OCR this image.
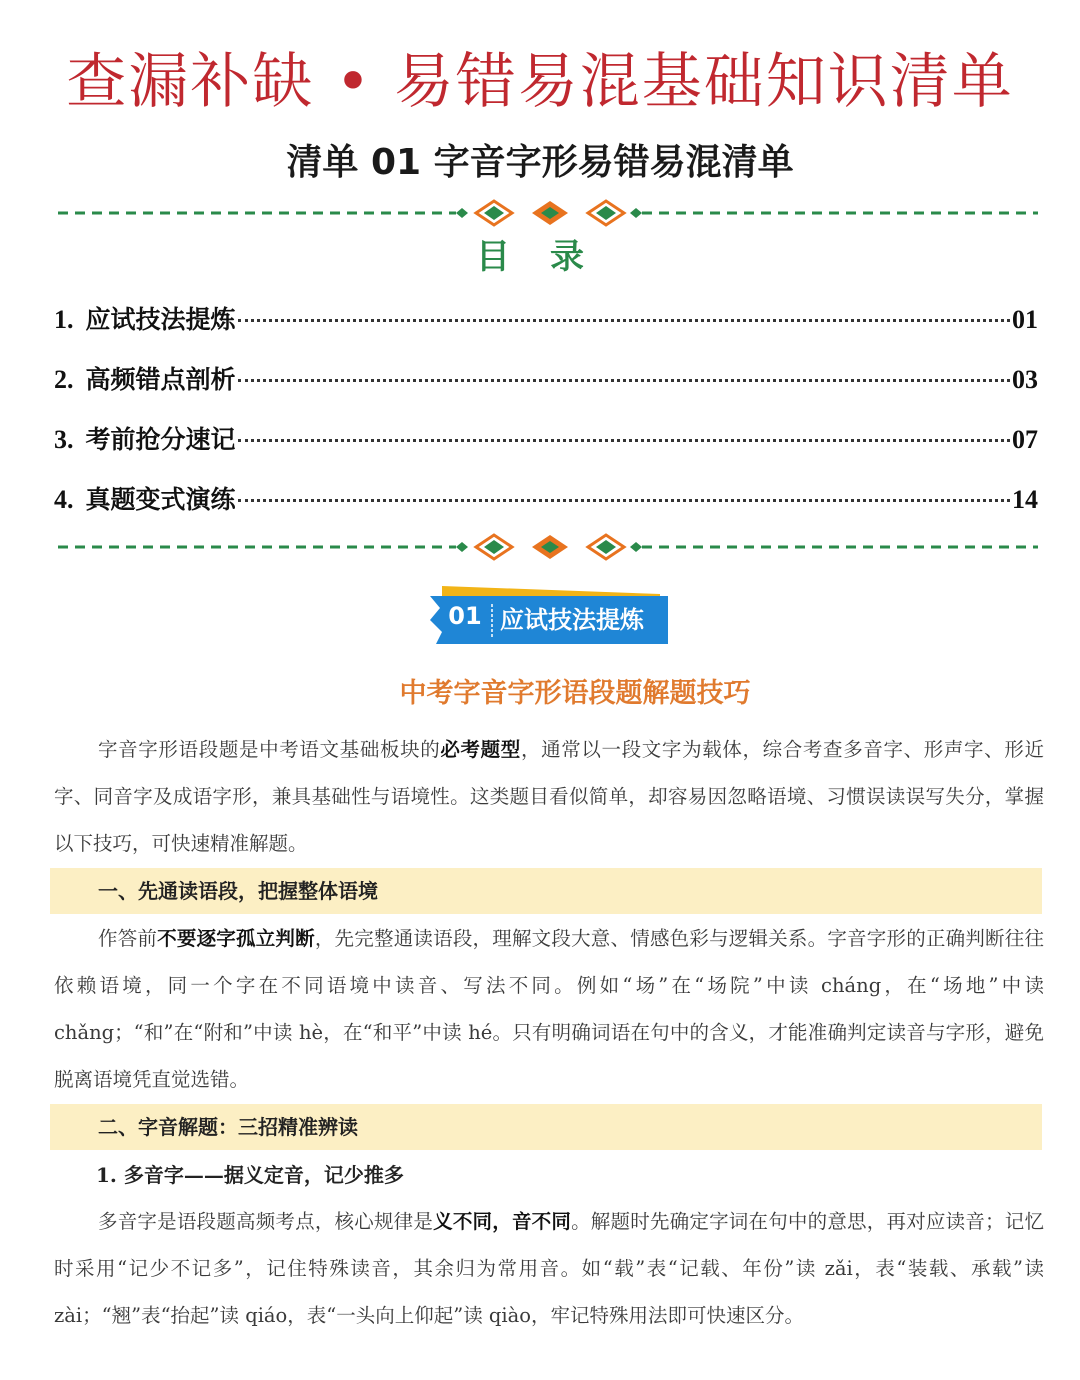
查漏补缺 • 易错易混基础知识清单
清单 01 字音字形易错易混清单
目录
1. 应试技法提炼	01
2. 高频错点剖析	03
3. 考前抢分速记	07
4. 真题变式演练	14
01 应试技法提炼
中考字音字形语段题解题技巧
字音字形语段题是中考语文基础板块的必考题型，通常以一段文字为载体，综合考查多音字、形声字、形近字、同音字及成语字形，兼具基础性与语境性。这类题目看似简单，却容易因忽略语境、习惯误读误写失分，掌握以下技巧，可快速精准解题。
一、先通读语段，把握整体语境
作答前不要逐字孤立判断，先完整通读语段，理解文段大意、情感色彩与逻辑关系。字音字形的正确判断往往依赖语境，同一个字在不同语境中读音、写法不同。例如“场”在“场院”中读 cháng，在“场地”中读 chǎng；“和”在“附和”中读 hè，在“和平”中读 hé。只有明确词语在句中的含义，才能准确判定读音与字形，避免脱离语境凭直觉选错。
二、字音解题：三招精准辨读
1. 多音字——据义定音，记少推多
多音字是语段题高频考点，核心规律是义不同，音不同。解题时先确定字词在句中的意思，再对应读音；记忆时采用“记少不记多”，记住特殊读音，其余归为常用音。如“载”表“记载、年份”读 zǎi，表“装载、承载”读 zài；“翘”表“抬起”读 qiáo，表“一头向上仰起”读 qiào，牢记特殊用法即可快速区分。
